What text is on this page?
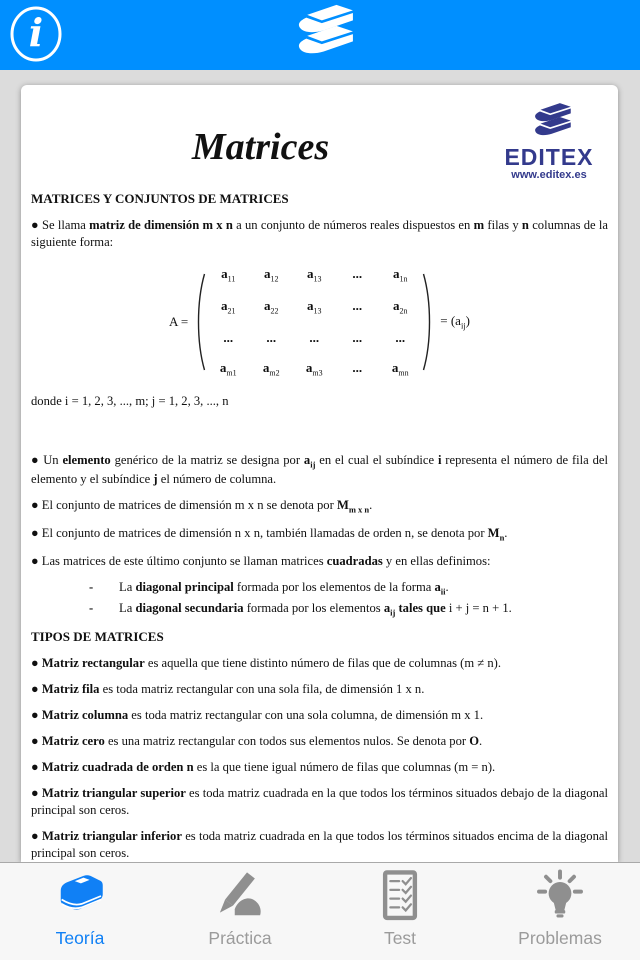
i
Matrices	EDITEX
www.editex.es

MATRICES Y CONJUNTOS DE MATRICES

● Se llama matriz de dimensión m x n a un conjunto de números reales dispuestos en m filas y n columnas de la siguiente forma:

A =
$a_{11}$	$a_{12}$	$a_{13}$	...	$a_{1n}$
$a_{21}$	$a_{22}$	$a_{13}$	...	$a_{2n}$
...	...	...	...	...
$a_{m1}$	$a_{m2}$	$a_{m3}$	...	$a_{mn}$
= $(a_{ij})$

donde i = 1, 2, 3, ..., m; j = 1, 2, 3, ..., n

● Un elemento genérico de la matriz se designa por $a_{ij}$ en el cual el subíndice i representa el número de fila del elemento y el subíndice j el número de columna.

● El conjunto de matrices de dimensión m x n se denota por $M_{m x n}$.

● El conjunto de matrices de dimensión n x n, también llamadas de orden n, se denota por $M_n$.

● Las matrices de este último conjunto se llaman matrices cuadradas y en ellas definimos:

-	La diagonal principal formada por los elementos de la forma $a_{ii}$.
-	La diagonal secundaria formada por los elementos $a_{ij}$ tales que i + j = n + 1.

TIPOS DE MATRICES

● Matriz rectangular es aquella que tiene distinto número de filas que de columnas (m ≠ n).

● Matriz fila es toda matriz rectangular con una sola fila, de dimensión 1 x n.

● Matriz columna es toda matriz rectangular con una sola columna, de dimensión m x 1.

● Matriz cero es una matriz rectangular con todos sus elementos nulos. Se denota por O.

● Matriz cuadrada de orden n es la que tiene igual número de filas que columnas (m = n).

● Matriz triangular superior es toda matriz cuadrada en la que todos los términos situados debajo de la diagonal principal son ceros.

● Matriz triangular inferior es toda matriz cuadrada en la que todos los términos situados encima de la diagonal principal son ceros.

Teoría	Práctica	Test	Problemas
